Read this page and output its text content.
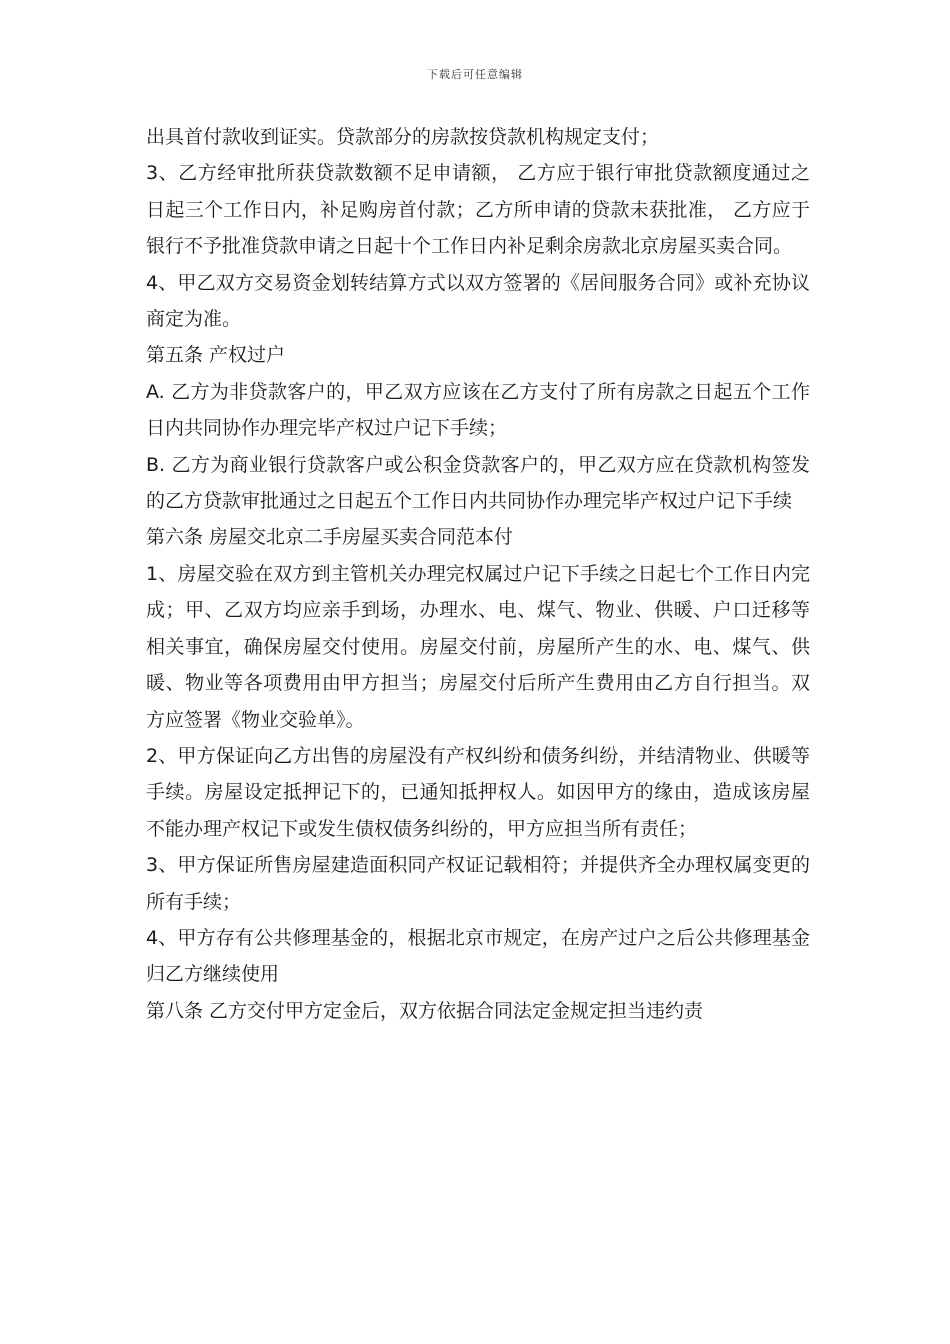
下载后可任意编辑

出具首付款收到证实。贷款部分的房款按贷款机构规定支付；

3、乙方经审批所获贷款数额不足申请额， 乙方应于银行审批贷款额度通过之日起三个工作日内，补足购房首付款；乙方所申请的贷款未获批准， 乙方应于银行不予批准贷款申请之日起十个工作日内补足剩余房款北京房屋买卖合同。

4、甲乙双方交易资金划转结算方式以双方签署的《居间服务合同》或补充协议商定为准。

第五条 产权过户

A. 乙方为非贷款客户的，甲乙双方应该在乙方支付了所有房款之日起五个工作日内共同协作办理完毕产权过户记下手续；

B. 乙方为商业银行贷款客户或公积金贷款客户的，甲乙双方应在贷款机构签发的乙方贷款审批通过之日起五个工作日内共同协作办理完毕产权过户记下手续

第六条 房屋交北京二手房屋买卖合同范本付

1、房屋交验在双方到主管机关办理完权属过户记下手续之日起七个工作日内完成；甲、乙双方均应亲手到场，办理水、电、煤气、物业、供暖、户口迁移等相关事宜，确保房屋交付使用。房屋交付前，房屋所产生的水、电、煤气、供暖、物业等各项费用由甲方担当；房屋交付后所产生费用由乙方自行担当。双方应签署《物业交验单》。

2、甲方保证向乙方出售的房屋没有产权纠纷和债务纠纷，并结清物业、供暖等手续。房屋设定抵押记下的，已通知抵押权人。如因甲方的缘由，造成该房屋不能办理产权记下或发生债权债务纠纷的，甲方应担当所有责任；

3、甲方保证所售房屋建造面积同产权证记载相符；并提供齐全办理权属变更的所有手续；

4、甲方存有公共修理基金的，根据北京市规定，在房产过户之后公共修理基金归乙方继续使用

第八条 乙方交付甲方定金后，双方依据合同法定金规定担当违约责
